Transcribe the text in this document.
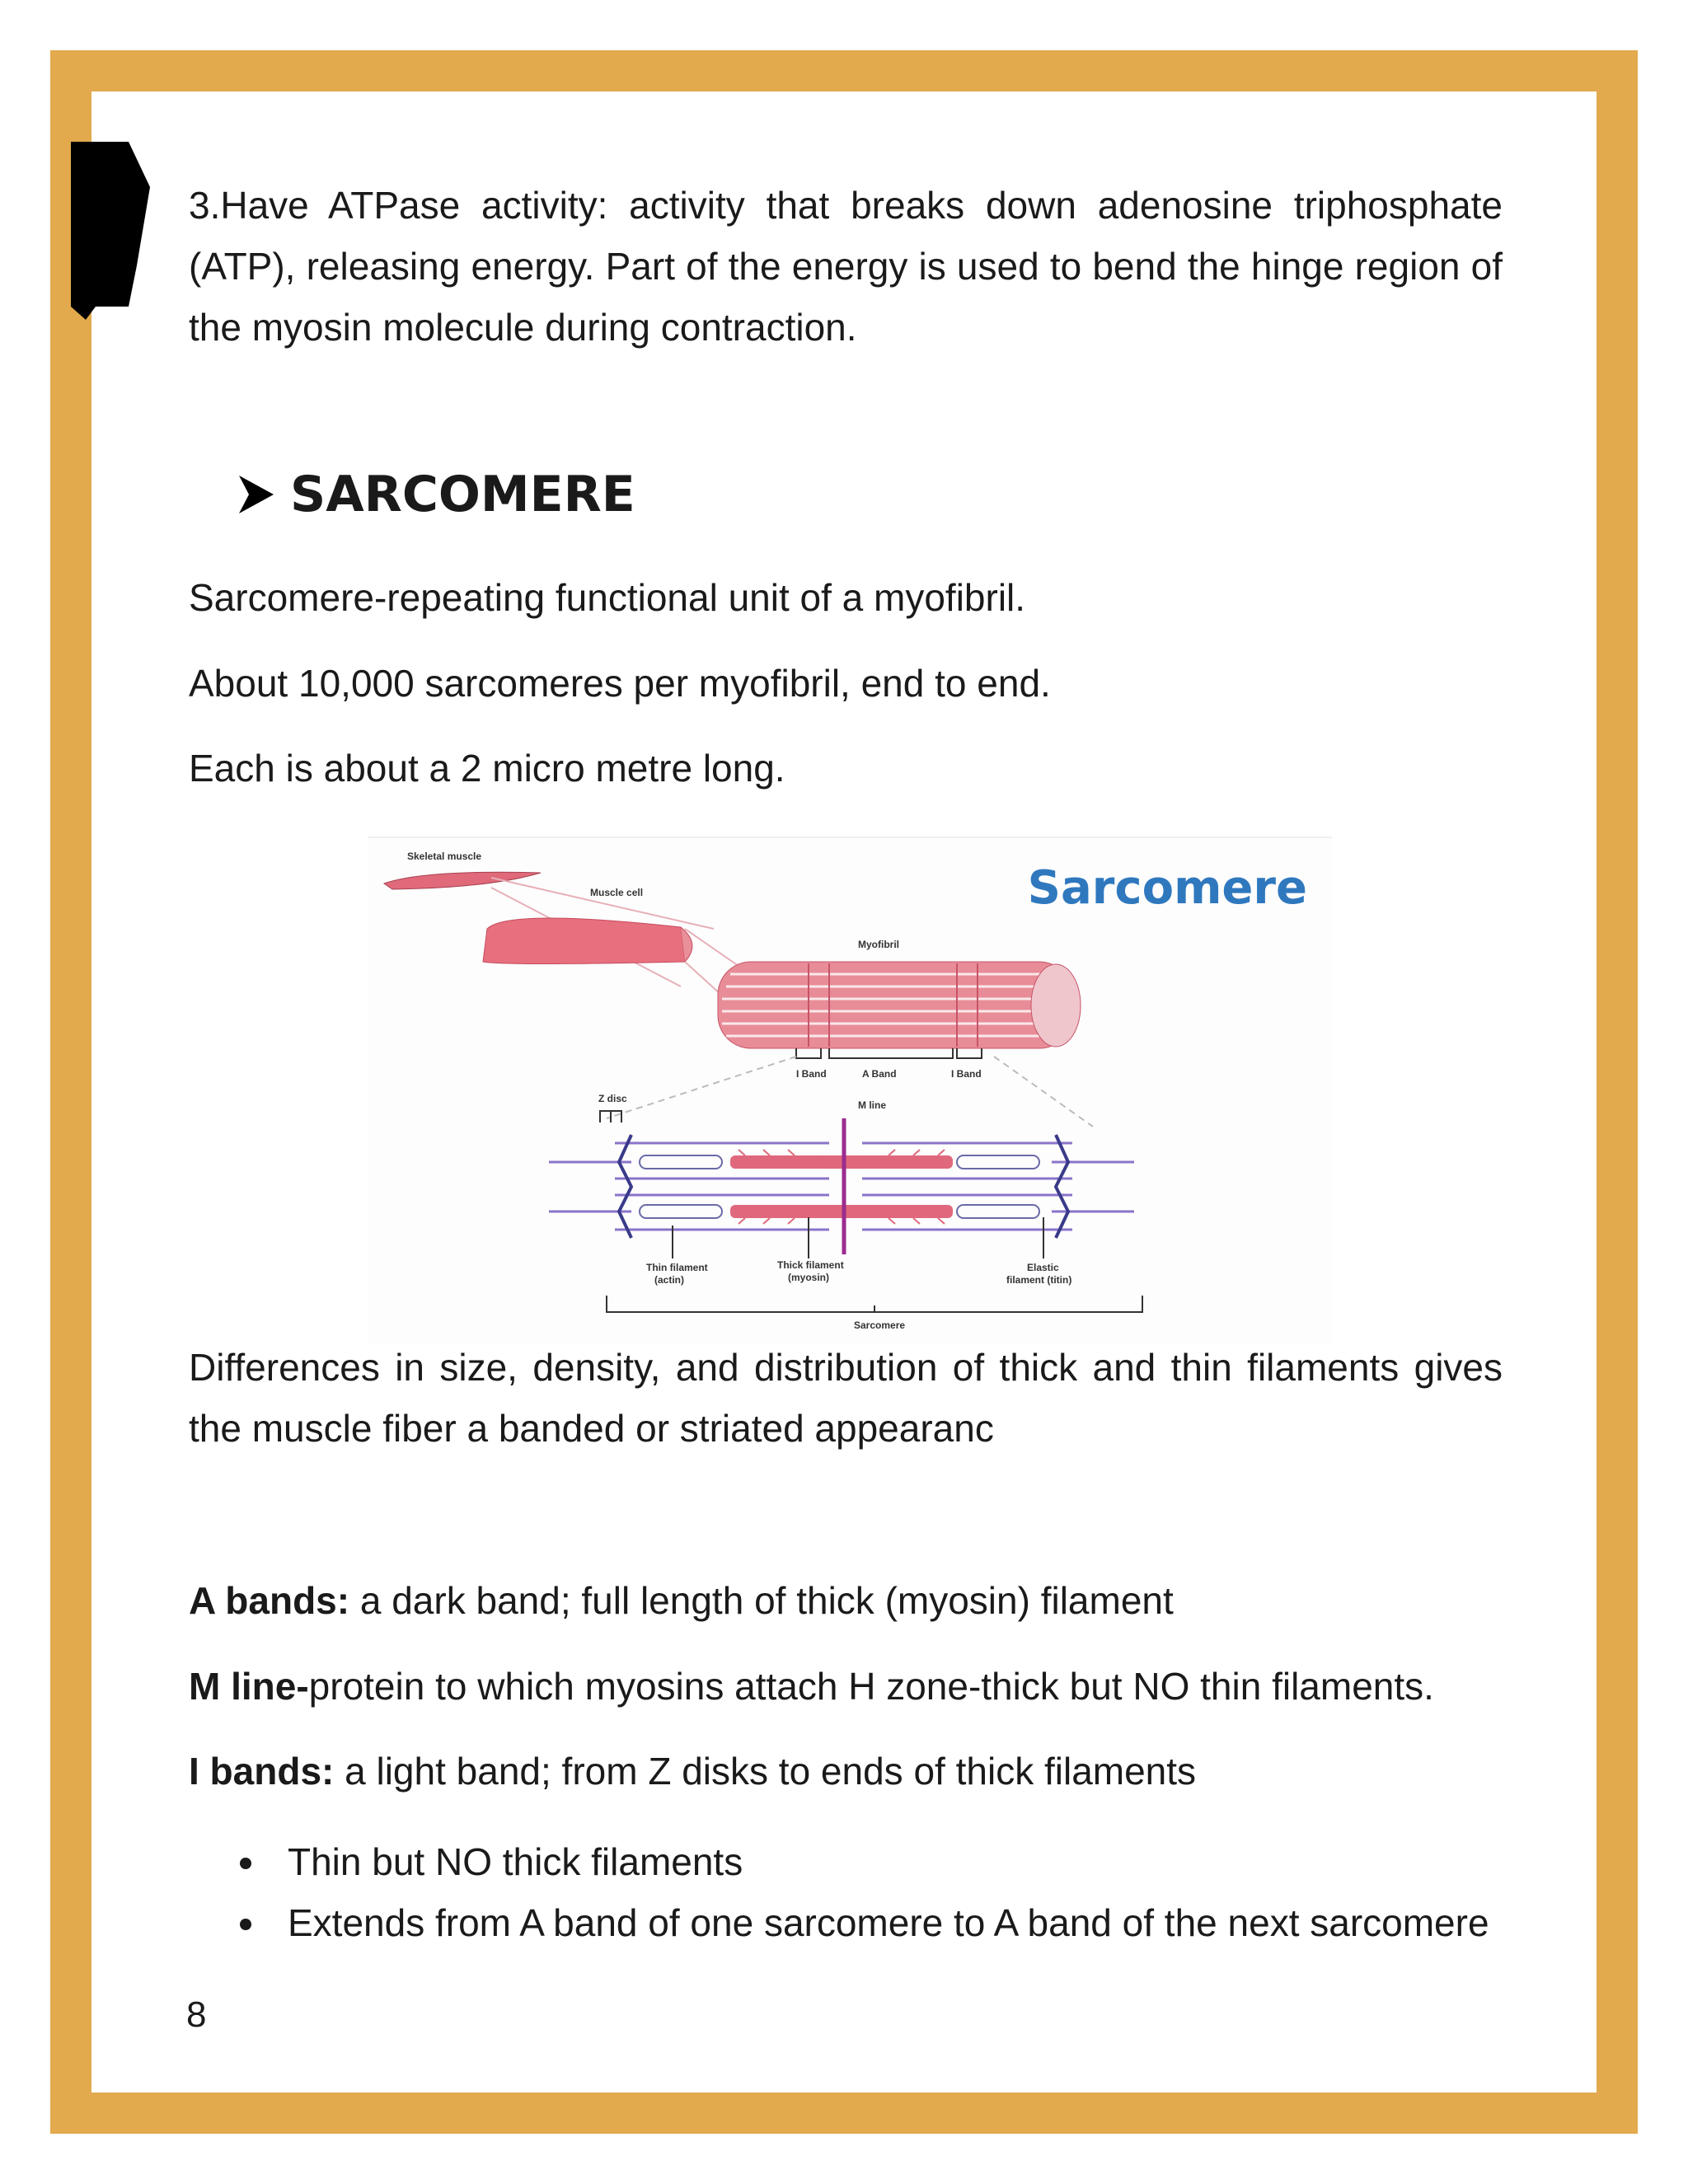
3.Have ATPase activity: activity that breaks down adenosine triphosphate (ATP), releasing energy. Part of the energy is used to bend the hinge region of the myosin molecule during contraction.

SARCOMERE
Sarcomere-repeating functional unit of a myofibril.
About 10,000 sarcomeres per myofibril, end to end.
Each is about a 2 micro metre long.
Sarcomere
Skeletal muscle
Muscle cell
Myofibril
I Band	A Band	I Band
Z disc
M line
Thin filament
(actin)
Thick filament
(myosin)
Elastic
filament (titin)
Sarcomere

Differences in size, density, and distribution of thick and thin filaments gives the muscle fiber a banded or striated appearanc

A bands: a dark band; full length of thick (myosin) filament
M line-protein to which myosins attach H zone-thick but NO thin filaments.
I bands: a light band; from Z disks to ends of thick filaments
Thin but NO thick filaments
Extends from A band of one sarcomere to A band of the next sarcomere
8
